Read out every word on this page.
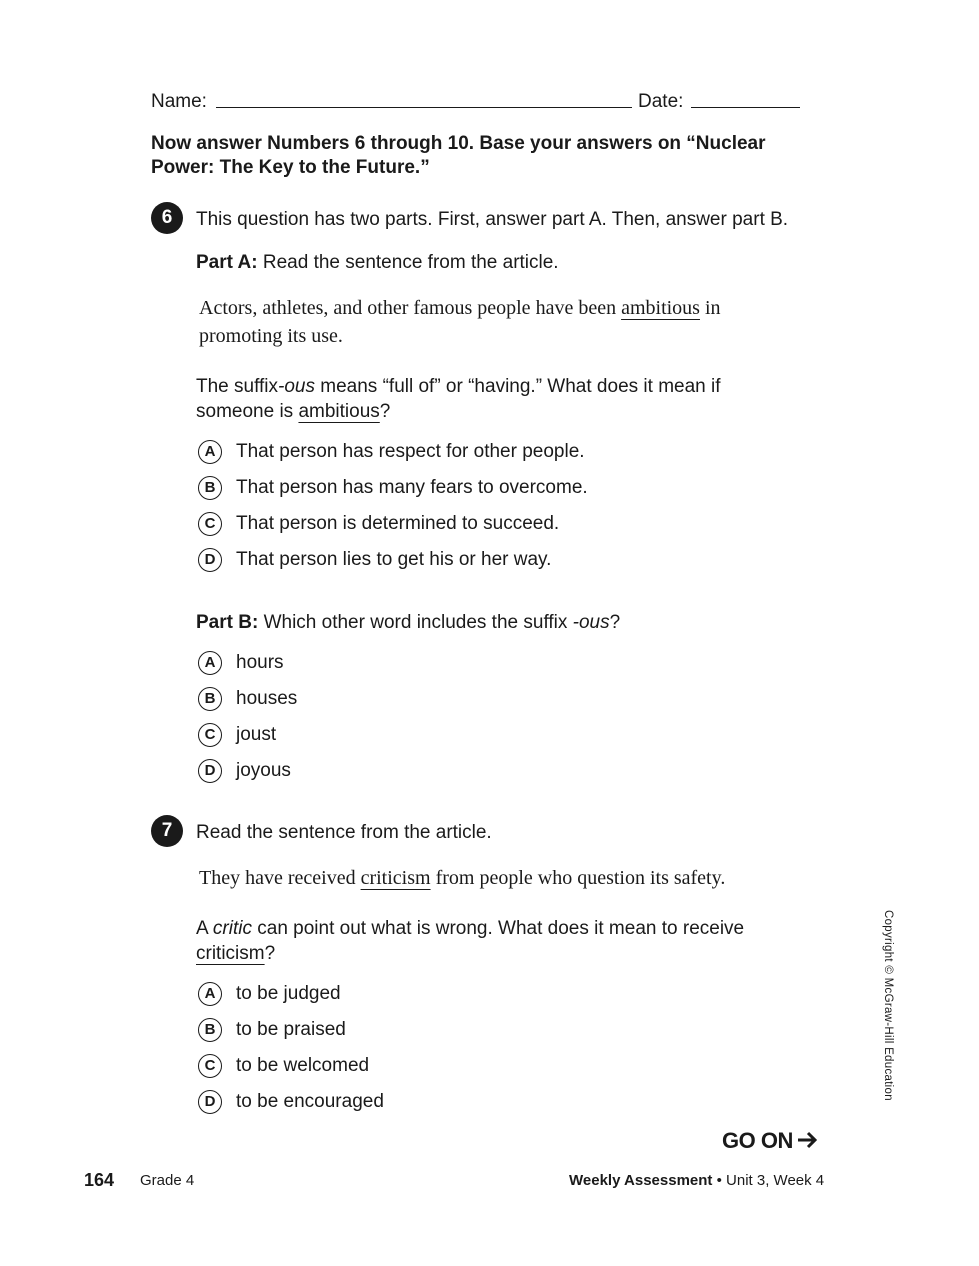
Name:	Date:
Now answer Numbers 6 through 10. Base your answers on “Nuclear Power: The Key to the Future.”
6	This question has two parts. First, answer part A. Then, answer part B.
Part A: Read the sentence from the article.
Actors, athletes, and other famous people have been ambitious in
promoting its use.
The suffix-ous means “full of” or “having.” What does it mean if
someone is ambitious?
A	That person has respect for other people.
B	That person has many fears to overcome.
C	That person is determined to succeed.
D	That person lies to get his or her way.
Part B: Which other word includes the suffix -ous?
A	hours
B	houses
C	joust
D	joyous
7	Read the sentence from the article.
They have received criticism from people who question its safety.
A critic can point out what is wrong. What does it mean to receive
criticism?
A	to be judged
B	to be praised
C	to be welcomed
D	to be encouraged
Copyright © McGraw-Hill Education
GO ON
164 Grade 4	Weekly Assessment • Unit 3, Week 4
